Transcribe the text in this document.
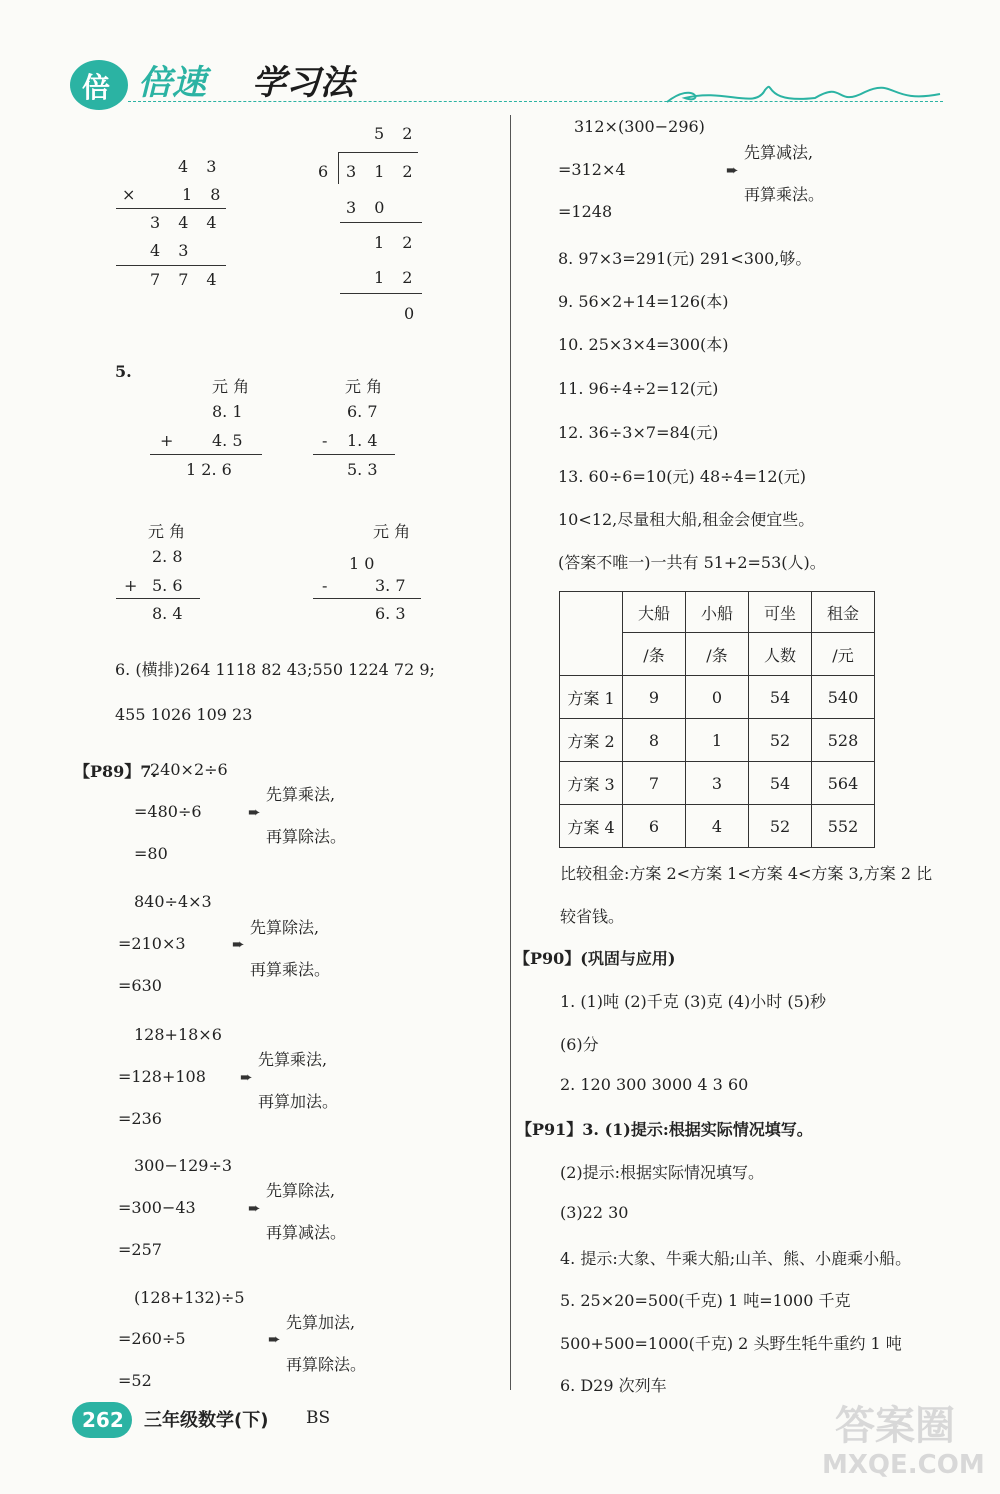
倍 倍速 学习法
4 3
×	1 8
3 4 4
4 3
7 7 4
5 2
6 3 1 2
3 0
1 2
1 2
0
5.
元 角
8. 1
+ 4. 5
1 2. 6
元 角
6. 7
- 1. 4
5. 3
元 角
2. 8
+ 5. 6
8. 4
元 角
1 0
-	3. 7
6. 3
6. (横排)264 1118 82 43;550 1224 72 9;
455 1026 109 23
【P89】7.
240×2÷6
=480÷6
=80
➨
先算乘法,
再算除法。
840÷4×3
=210×3
=630
➨
先算除法,
再算乘法。
128+18×6
=128+108
=236
➨
先算乘法,
再算加法。
300−129÷3
=300−43
=257
➨
先算除法,
再算减法。
(128+132)÷5
=260÷5
=52
➨
先算加法,
再算除法。
312×(300−296)
=312×4
=1248
➨
先算减法,
再算乘法。
8. 97×3=291(元) 291<300,够。
9. 56×2+14=126(本)
10. 25×3×4=300(本)
11. 96÷4÷2=12(元)
12. 36÷3×7=84(元)
13. 60÷6=10(元) 48÷4=12(元)
10<12,尽量租大船,租金会便宜些。
(答案不唯一)一共有 51+2=53(人)。
	大船	小船	可坐	租金
	/条	/条	人数	/元
方案 1	9	0	54	540
方案 2	8	1	52	528
方案 3	7	3	54	564
方案 4	6	4	52	552
比较租金:方案 2<方案 1<方案 4<方案 3,方案 2 比
较省钱。
【P90】(巩固与应用)
1. (1)吨 (2)千克 (3)克 (4)小时 (5)秒
(6)分
2. 120 300 3000 4 3 60
【P91】3. (1)提示:根据实际情况填写。
(2)提示:根据实际情况填写。
(3)22 30
4. 提示:大象、牛乘大船;山羊、熊、小鹿乘小船。
5. 25×20=500(千克) 1 吨=1000 千克
500+500=1000(千克) 2 头野生牦牛重约 1 吨
6. D29 次列车
262 三年级数学(下) BS	答案圈
MXQE.COM
